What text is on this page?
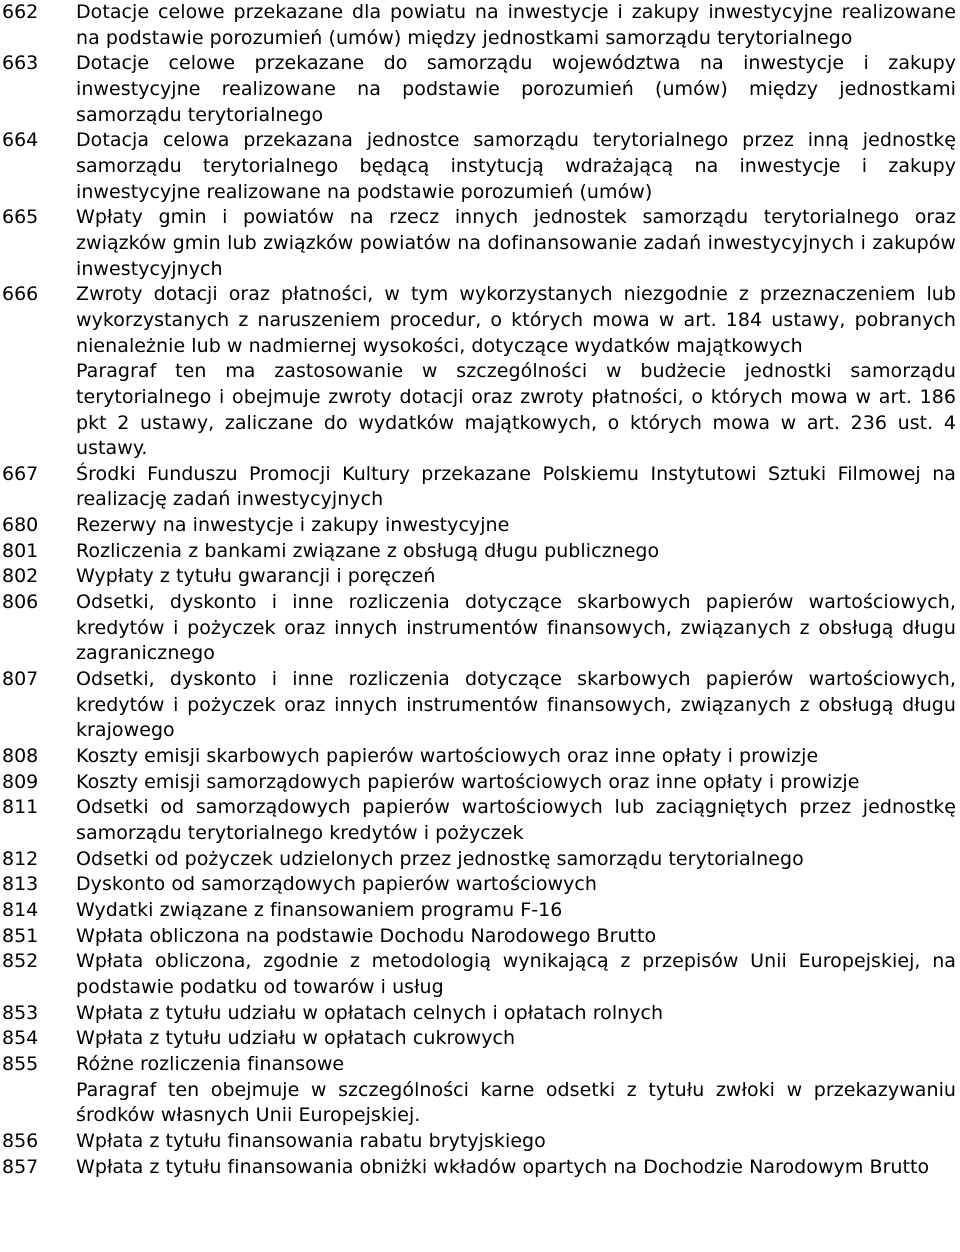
662	Dotacje celowe przekazane dla powiatu na inwestycje i zakupy inwestycyjne realizowane na podstawie porozumień (umów) między jednostkami samorządu terytorialnego

663	Dotacje celowe przekazane do samorządu województwa na inwestycje i zakupy inwestycyjne realizowane na podstawie porozumień (umów) między jednostkami samorządu terytorialnego

664	Dotacja celowa przekazana jednostce samorządu terytorialnego przez inną jednostkę samorządu terytorialnego będącą instytucją wdrażającą na inwestycje i zakupy inwestycyjne realizowane na podstawie porozumień (umów)

665	Wpłaty gmin i powiatów na rzecz innych jednostek samorządu terytorialnego oraz związków gmin lub związków powiatów na dofinansowanie zadań inwestycyjnych i zakupów inwestycyjnych

666	Zwroty dotacji oraz płatności, w tym wykorzystanych niezgodnie z przeznaczeniem lub wykorzystanych z naruszeniem procedur, o których mowa w art. 184 ustawy, pobranych nienależnie lub w nadmiernej wysokości, dotyczące wydatków majątkowych

Paragraf ten ma zastosowanie w szczególności w budżecie jednostki samorządu terytorialnego i obejmuje zwroty dotacji oraz zwroty płatności, o których mowa w art. 186 pkt 2 ustawy, zaliczane do wydatków majątkowych, o których mowa w art. 236 ust. 4 ustawy.

667	Środki Funduszu Promocji Kultury przekazane Polskiemu Instytutowi Sztuki Filmowej na realizację zadań inwestycyjnych

680	Rezerwy na inwestycje i zakupy inwestycyjne

801	Rozliczenia z bankami związane z obsługą długu publicznego

802	Wypłaty z tytułu gwarancji i poręczeń

806	Odsetki, dyskonto i inne rozliczenia dotyczące skarbowych papierów wartościowych, kredytów i pożyczek oraz innych instrumentów finansowych, związanych z obsługą długu zagranicznego

807	Odsetki, dyskonto i inne rozliczenia dotyczące skarbowych papierów wartościowych, kredytów i pożyczek oraz innych instrumentów finansowych, związanych z obsługą długu krajowego

808	Koszty emisji skarbowych papierów wartościowych oraz inne opłaty i prowizje

809	Koszty emisji samorządowych papierów wartościowych oraz inne opłaty i prowizje

811	Odsetki od samorządowych papierów wartościowych lub zaciągniętych przez jednostkę samorządu terytorialnego kredytów i pożyczek

812	Odsetki od pożyczek udzielonych przez jednostkę samorządu terytorialnego

813	Dyskonto od samorządowych papierów wartościowych

814	Wydatki związane z finansowaniem programu F-16

851	Wpłata obliczona na podstawie Dochodu Narodowego Brutto

852	Wpłata obliczona, zgodnie z metodologią wynikającą z przepisów Unii Europejskiej, na podstawie podatku od towarów i usług

853	Wpłata z tytułu udziału w opłatach celnych i opłatach rolnych

854	Wpłata z tytułu udziału w opłatach cukrowych

855	Różne rozliczenia finansowe

Paragraf ten obejmuje w szczególności karne odsetki z tytułu zwłoki w przekazywaniu środków własnych Unii Europejskiej.

856	Wpłata z tytułu finansowania rabatu brytyjskiego

857	Wpłata z tytułu finansowania obniżki wkładów opartych na Dochodzie Narodowym Brutto
